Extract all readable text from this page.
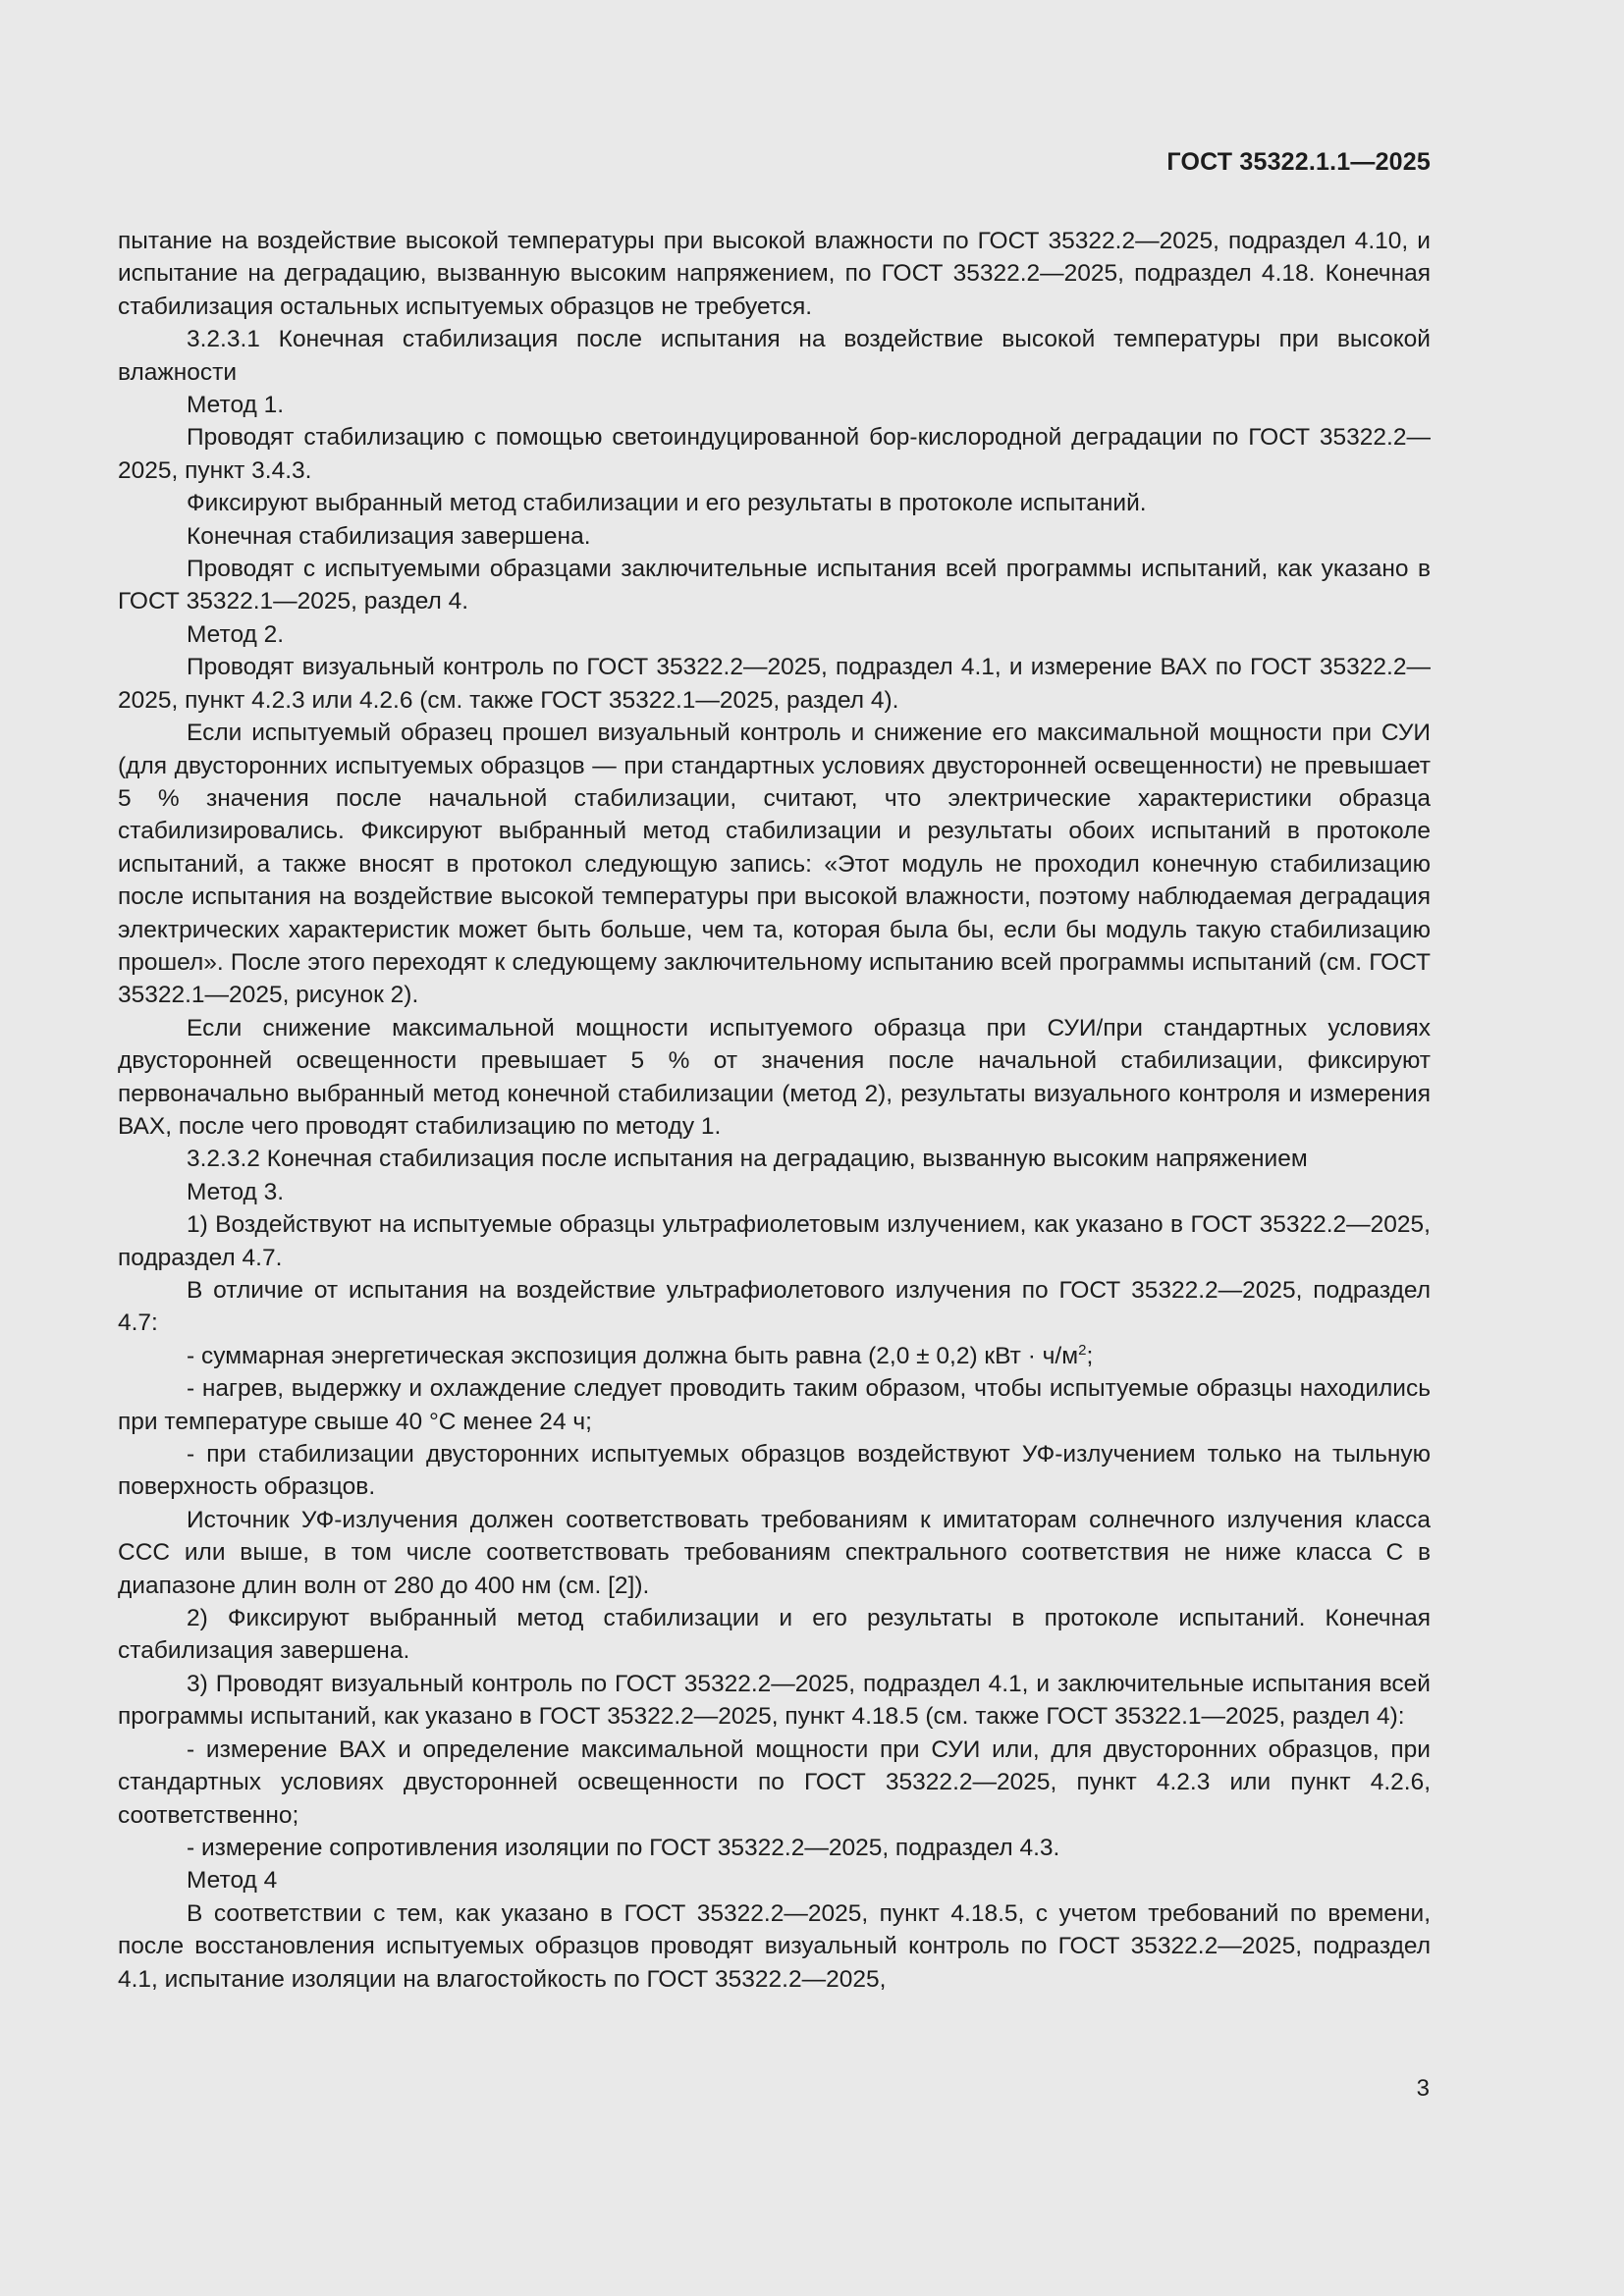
ГОСТ 35322.1.1—2025

пытание на воздействие высокой температуры при высокой влажности по ГОСТ 35322.2—2025, подраздел 4.10, и испытание на деградацию, вызванную высоким напряжением, по ГОСТ 35322.2—2025, подраздел 4.18. Конечная стабилизация остальных испытуемых образцов не требуется.

3.2.3.1 Конечная стабилизация после испытания на воздействие высокой температуры при высокой влажности

Метод 1.

Проводят стабилизацию с помощью светоиндуцированной бор-кислородной деградации по ГОСТ 35322.2—2025, пункт 3.4.3.

Фиксируют выбранный метод стабилизации и его результаты в протоколе испытаний.

Конечная стабилизация завершена.

Проводят с испытуемыми образцами заключительные испытания всей программы испытаний, как указано в ГОСТ 35322.1—2025, раздел 4.

Метод 2.

Проводят визуальный контроль по ГОСТ 35322.2—2025, подраздел 4.1, и измерение ВАХ по ГОСТ 35322.2—2025, пункт 4.2.3 или 4.2.6 (см. также ГОСТ 35322.1—2025, раздел 4).

Если испытуемый образец прошел визуальный контроль и снижение его максимальной мощности при СУИ (для двусторонних испытуемых образцов — при стандартных условиях двусторонней освещенности) не превышает 5 % значения после начальной стабилизации, считают, что электрические характеристики образца стабилизировались. Фиксируют выбранный метод стабилизации и результаты обоих испытаний в протоколе испытаний, а также вносят в протокол следующую запись: «Этот модуль не проходил конечную стабилизацию после испытания на воздействие высокой температуры при высокой влажности, поэтому наблюдаемая деградация электрических характеристик может быть больше, чем та, которая была бы, если бы модуль такую стабилизацию прошел». После этого переходят к следующему заключительному испытанию всей программы испытаний (см. ГОСТ 35322.1—2025, рисунок 2).

Если снижение максимальной мощности испытуемого образца при СУИ/при стандартных условиях двусторонней освещенности превышает 5 % от значения после начальной стабилизации, фиксируют первоначально выбранный метод конечной стабилизации (метод 2), результаты визуального контроля и измерения ВАХ, после чего проводят стабилизацию по методу 1.

3.2.3.2 Конечная стабилизация после испытания на деградацию, вызванную высоким напряжением

Метод 3.

1) Воздействуют на испытуемые образцы ультрафиолетовым излучением, как указано в ГОСТ 35322.2—2025, подраздел 4.7.

В отличие от испытания на воздействие ультрафиолетового излучения по ГОСТ 35322.2—2025, подраздел 4.7:

- суммарная энергетическая экспозиция должна быть равна (2,0 ± 0,2) кВт · $ч/м^2$;

- нагрев, выдержку и охлаждение следует проводить таким образом, чтобы испытуемые образцы находились при температуре свыше 40 °С менее 24 ч;

- при стабилизации двусторонних испытуемых образцов воздействуют УФ-излучением только на тыльную поверхность образцов.

Источник УФ-излучения должен соответствовать требованиям к имитаторам солнечного излучения класса ССС или выше, в том числе соответствовать требованиям спектрального соответствия не ниже класса С в диапазоне длин волн от 280 до 400 нм (см. [2]).

2) Фиксируют выбранный метод стабилизации и его результаты в протоколе испытаний. Конечная стабилизация завершена.

3) Проводят визуальный контроль по ГОСТ 35322.2—2025, подраздел 4.1, и заключительные испытания всей программы испытаний, как указано в ГОСТ 35322.2—2025, пункт 4.18.5 (см. также ГОСТ 35322.1—2025, раздел 4):

- измерение ВАХ и определение максимальной мощности при СУИ или, для двусторонних образцов, при стандартных условиях двусторонней освещенности по ГОСТ 35322.2—2025, пункт 4.2.3 или пункт 4.2.6, соответственно;

- измерение сопротивления изоляции по ГОСТ 35322.2—2025, подраздел 4.3.

Метод 4

В соответствии с тем, как указано в ГОСТ 35322.2—2025, пункт 4.18.5, с учетом требований по времени, после восстановления испытуемых образцов проводят визуальный контроль по ГОСТ 35322.2—2025, подраздел 4.1, испытание изоляции на влагостойкость по ГОСТ 35322.2—2025,

3
